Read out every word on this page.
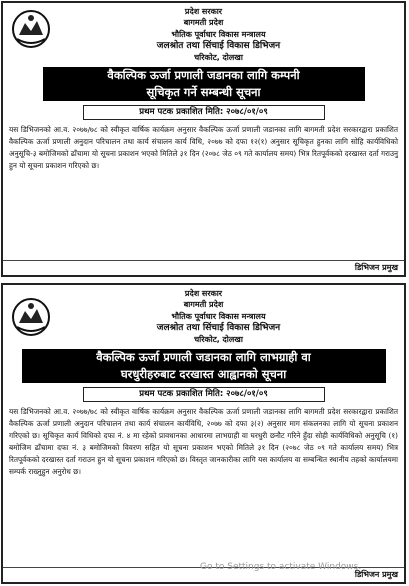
प्रदेश सरकार
बागमती प्रदेश
भौतिक पूर्वाधार विकास मन्त्रालय
जलश्रोत तथा सिंचाई विकास डिभिजन
चरिकोट, दोलखा
वैकल्पिक ऊर्जा प्रणाली जडानका लागि कम्पनी
सूचिकृत गर्ने सम्बन्धी सूचना
प्रथम पटक प्रकाशित मिति: २०७८/०१/०९
यस डिभिजनको आ.व. २०७७/७८ को स्वीकृत वार्षिक कार्यक्रम अनुसार वैकल्पिक ऊर्जा प्रणाली जडानका लागि बागमती प्रदेश सरकारद्वारा प्रकाशित वैकल्पिक ऊर्जा प्रणाली अनुदान परिचालन तथा कार्य संचालन कार्य विधि, २०७७ को दफा १२(१) अनुसार सूचिकृत हुनका लागि सोहि कार्यविधिको अनुसूचि-३ बमोजिमको ढाँचामा यो सूचना प्रकाशन भएको मितिले ३१ दिन (२०७८ जेठ ०९ गते कार्यालय समय) भित्र रितपूर्वकको दरखास्त दर्ता गराउनु हुन यो सूचना प्रकाशन गरिएको छ।
डिभिजन प्रमुख
प्रदेश सरकार
बागमती प्रदेश
भौतिक पूर्वाधार विकास मन्त्रालय
जलश्रोत तथा सिंचाई विकास डिभिजन
चरिकोट, दोलखा
वैकल्पिक ऊर्जा प्रणाली जडानका लागि लाभग्राही वा
घरधुरीहरुबाट दरखास्त आह्वानको सूचना
प्रथम पटक प्रकाशित मिति: २०७८/०१/०९
यस डिभिजनको आ.व. २०७७/७८ को स्वीकृत वार्षिक कार्यक्रम अनुसार वैकल्पिक ऊर्जा प्रणाली जडानका लागि बागमती प्रदेश सरकारद्वारा प्रकाशित वैकल्पिक ऊर्जा प्रणाली अनुदान परिचालन तथा कार्य संचालन कार्यविधि, २०७७ को दफा ३(२) अनुसार माग संकलनका लागि यो सूचना प्रकाशन गरिएको छ। सूचिकृत कार्य विधिको दफा नं. ४ मा रहेको प्रावधानका आधारमा लाभग्राही वा घरधुरी छनौट गरिने हुँदा सोही कार्यविधिको अनुसूचि (१) बमोजिम ढाँचामा दफा नं. ३ बमोजिमको विवरण सहित यो सूचना प्रकाशन भएको मितिले ३१ दिन (२०७८ जेठ ०९ गते कार्यालय समय) भित्र रितपूर्वकको दरखास्त दर्ता गराउन हुन यो सूचना प्रकाशन गरिएको छ। विस्तृत जानकारीका लागि यस कार्यालय वा सम्बन्धित स्थानीय तहको कार्यालयमा सम्पर्क राख्नुहुन अनुरोध छ।
डिभिजन प्रमुख
Go to Settings to activate Windows.
